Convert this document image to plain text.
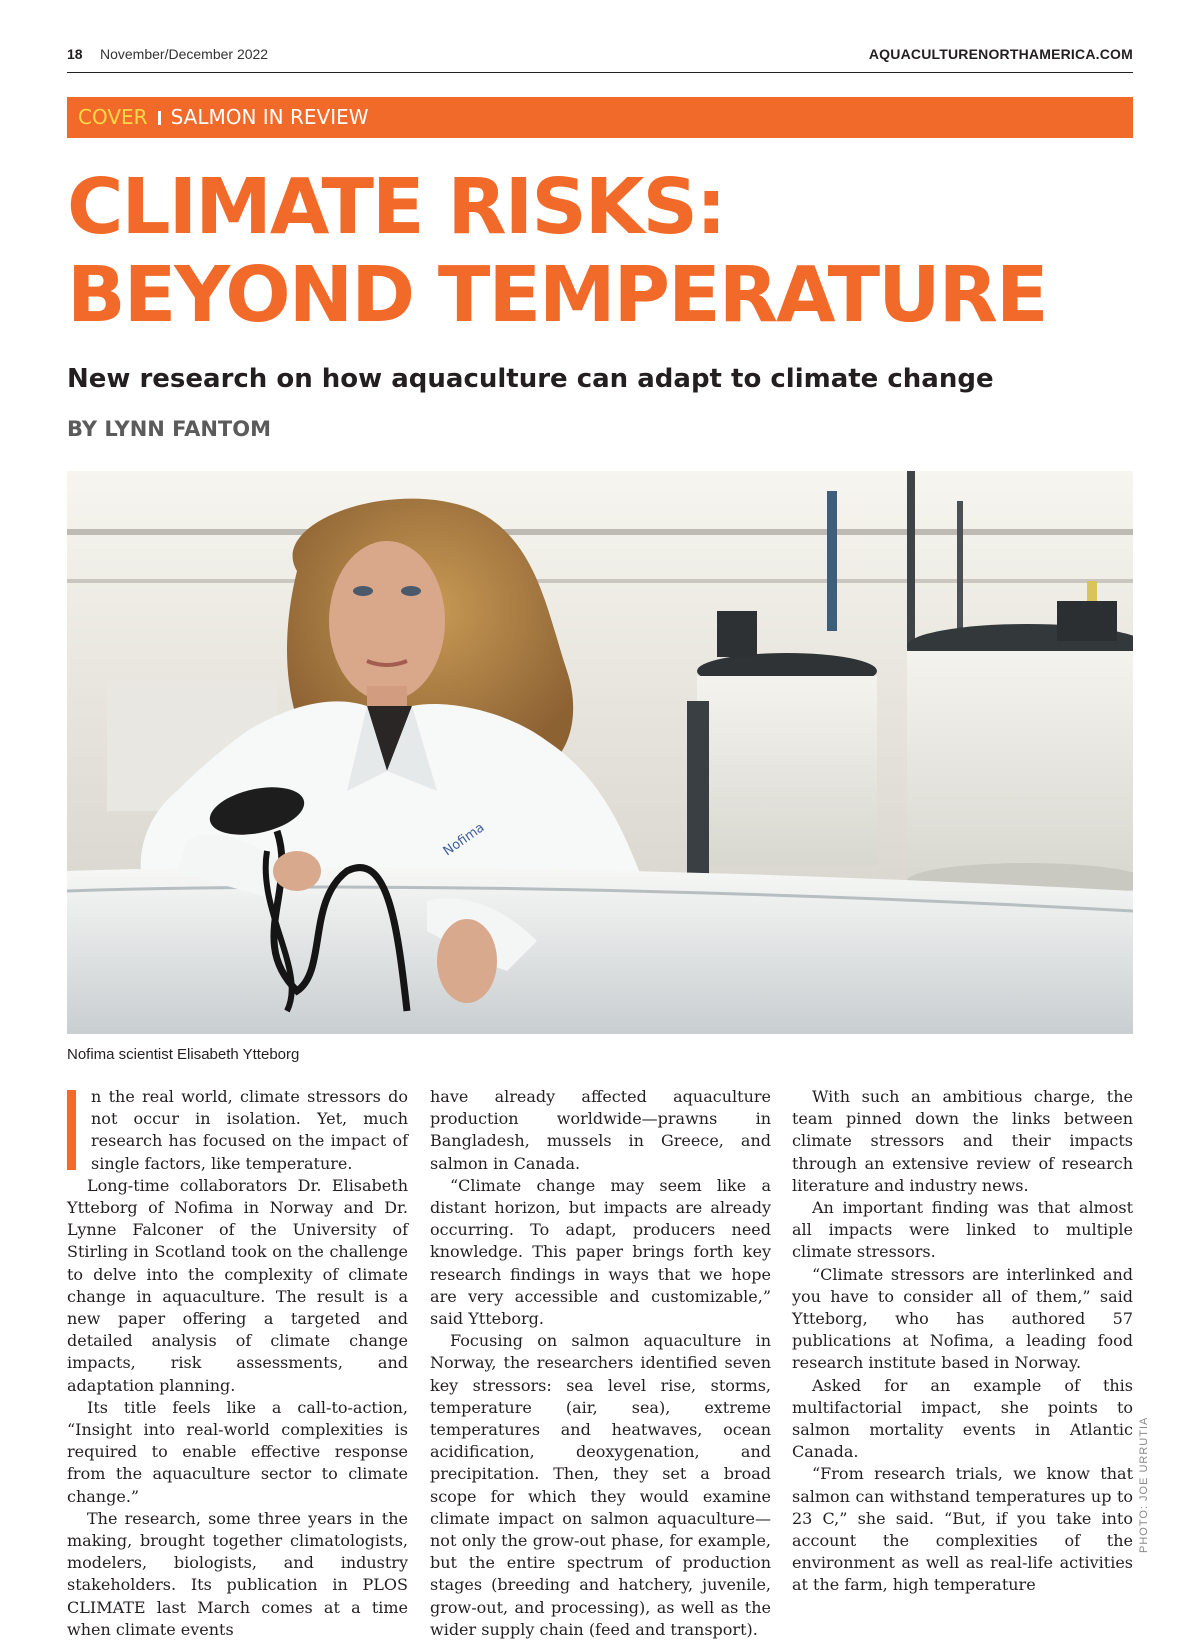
18 November/December 2022	AQUACULTURENORTHAMERICA.COM
COVER SALMON IN REVIEW
CLIMATE RISKS:
BEYOND TEMPERATURE
New research on how aquaculture can adapt to climate change
BY LYNN FANTOM
Nofima
Nofima scientist Elisabeth Ytteborg
PHOTO: JOE URRUTIA

n the real world, climate stressors do not occur in isolation. Yet, much research has focused on the impact of single factors, like temperature.

Long-time collaborators Dr. Elisabeth Ytteborg of Nofima in Norway and Dr. Lynne Falconer of the University of Stirling in Scotland took on the challenge to delve into the complexity of climate change in aquaculture. The result is a new paper offering a targeted and detailed analysis of climate change impacts, risk assessments, and adaptation planning.

Its title feels like a call-to-action, “Insight into real-world complexities is required to enable effective response from the aquaculture sector to climate change.”

The research, some three years in the making, brought together climatologists, modelers, biologists, and industry stakeholders. Its publication in PLOS CLIMATE last March comes at a time when climate events

have already affected aquaculture production worldwide—prawns in Bangladesh, mussels in Greece, and salmon in Canada.

“Climate change may seem like a distant horizon, but impacts are already occurring. To adapt, producers need knowledge. This paper brings forth key research findings in ways that we hope are very accessible and customizable,” said Ytteborg.

Focusing on salmon aquaculture in Norway, the researchers identified seven key stressors: sea level rise, storms, temperature (air, sea), extreme temperatures and heatwaves, ocean acidification, deoxygenation, and precipitation. Then, they set a broad scope for which they would examine climate impact on salmon aquaculture—not only the grow-out phase, for example, but the entire spectrum of production stages (breeding and hatchery, juvenile, grow-out, and processing), as well as the wider supply chain (feed and transport).

With such an ambitious charge, the team pinned down the links between climate stressors and their impacts through an extensive review of research literature and industry news.

An important finding was that almost all impacts were linked to multiple climate stressors.

“Climate stressors are interlinked and you have to consider all of them,” said Ytteborg, who has authored 57 publications at Nofima, a leading food research institute based in Norway.

Asked for an example of this multifactorial impact, she points to salmon mortality events in Atlantic Canada.

“From research trials, we know that salmon can withstand temperatures up to 23 C,” she said. “But, if you take into account the complexities of the environment as well as real-life activities at the farm, high temperature
